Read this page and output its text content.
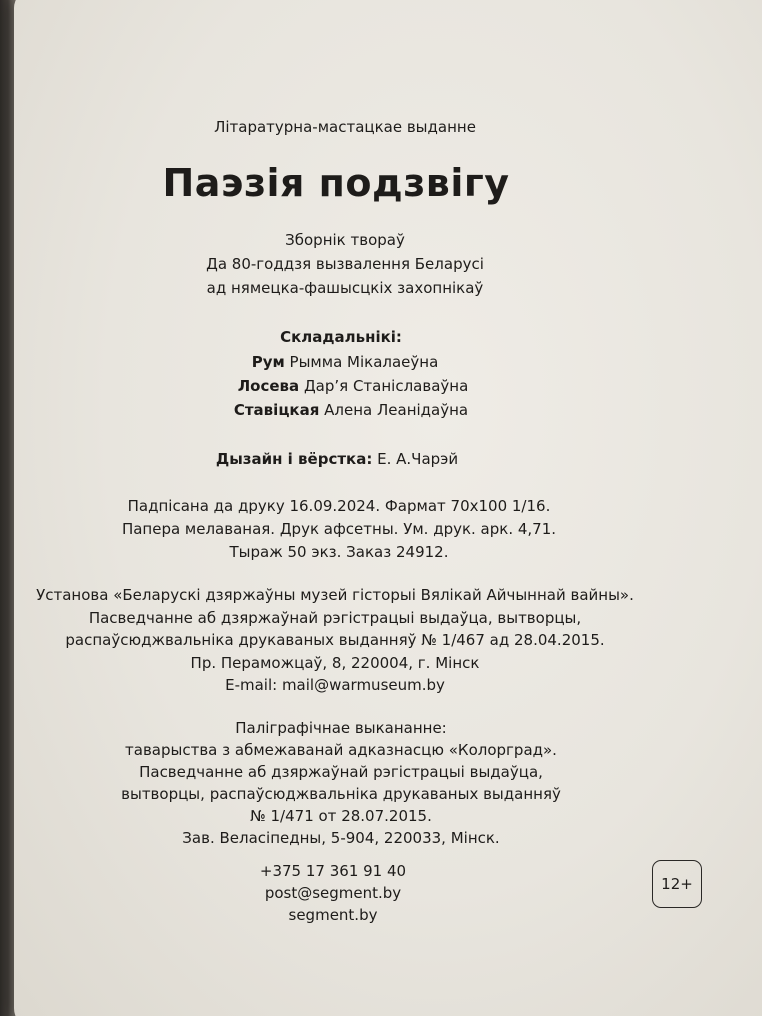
Літаратурна-мастацкае выданне
Паэзія подзвігу
Зборнік твораў
Да 80-годдзя вызвалення Беларусі
ад нямецка-фашысцкіх захопнікаў
Складальнікі:
Рум Рымма Мікалаеўна
Лосева Дар’я Станіславаўна
Ставіцкая Алена Леанідаўна
Дызайн і вёрстка: Е. А.Чарэй
Падпісана да друку 16.09.2024. Фармат 70х100 1/16.
Папера мелаваная. Друк афсетны. Ум. друк. арк. 4,71.
Тыраж 50 экз. Заказ 24912.
Установа «Беларускі дзяржаўны музей гісторыі Вялікай Айчыннай вайны».
Пасведчанне аб дзяржаўнай рэгістрацыі выдаўца, вытворцы,
распаўсюджвальніка друкаваных выданняў № 1/467 ад 28.04.2015.
Пр. Пераможцаў, 8, 220004, г. Мінск
E-mail: mail@warmuseum.by
Паліграфічнае выкананне:
таварыства з абмежаванай адказнасцю «Колорград».
Пасведчанне аб дзяржаўнай рэгістрацыі выдаўца,
вытворцы, распаўсюджвальніка друкаваных выданняў
№ 1/471 от 28.07.2015.
Зав. Веласіпедны, 5-904, 220033, Мінск.
+375 17 361 91 40
post@segment.by
segment.by
12+
